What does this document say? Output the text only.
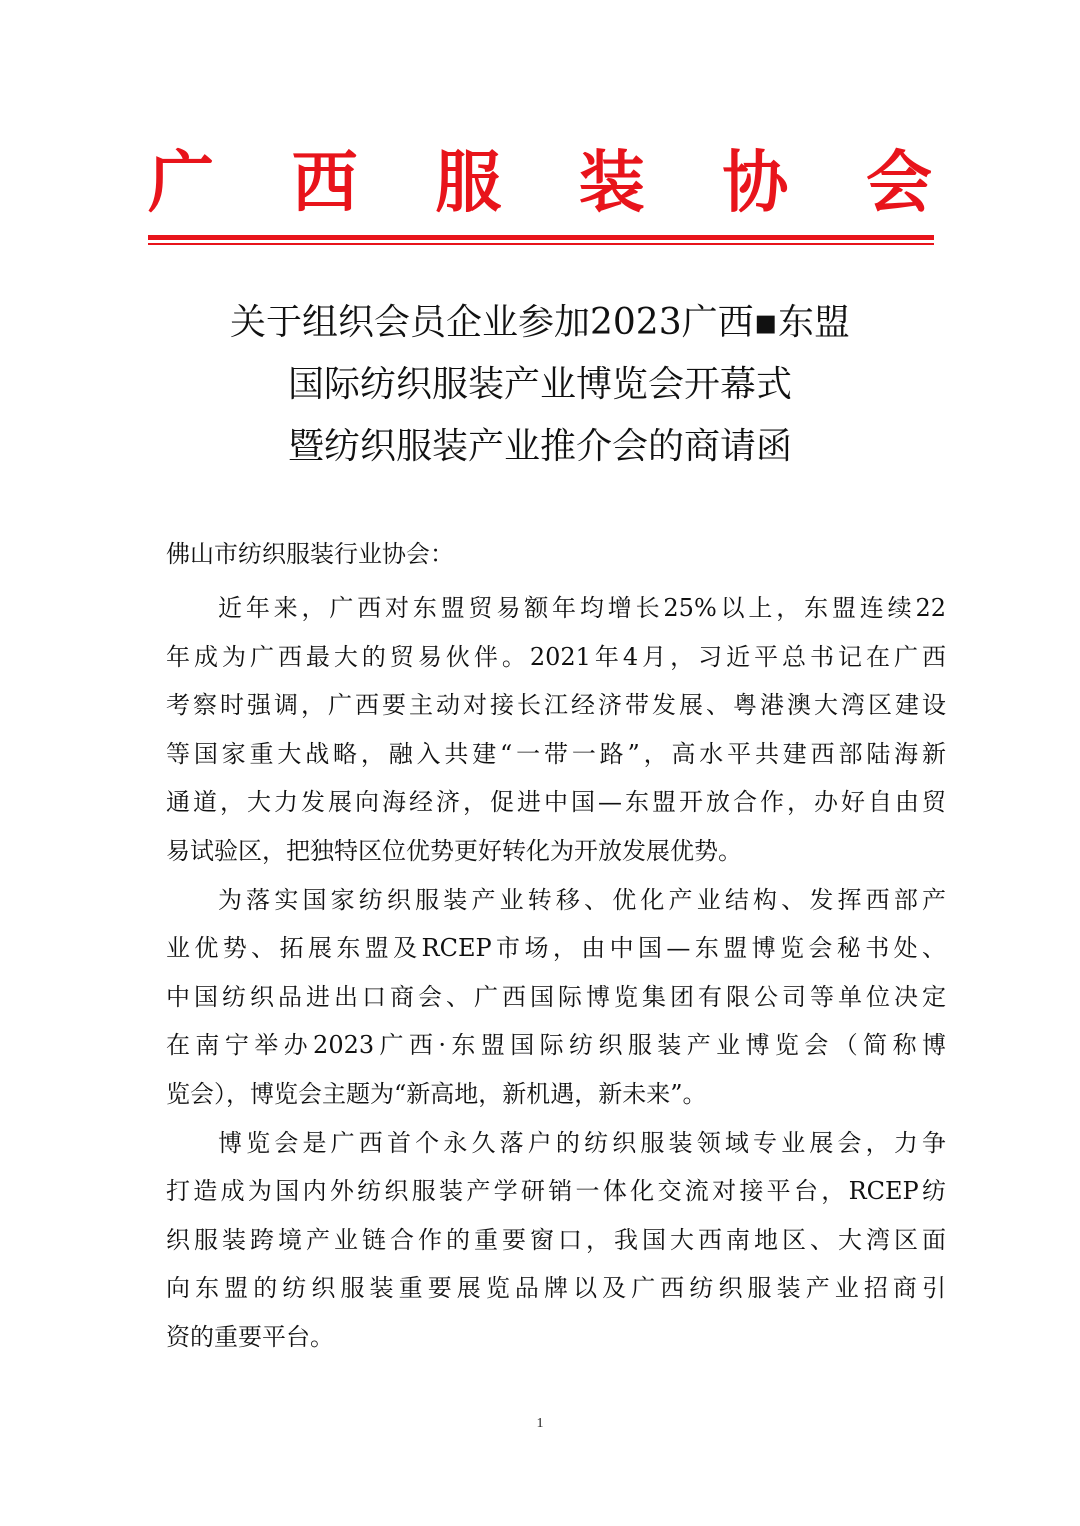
广 西 服 装 协 会
关于组织会员企业参加2023广西▪东盟
国际纺织服装产业博览会开幕式
暨纺织服装产业推介会的商请函
佛山市纺织服装行业协会：
近年来，广西对东盟贸易额年均增长25%以上，东盟连续22
年成为广西最大的贸易伙伴。2021年4月，习近平总书记在广西
考察时强调，广西要主动对接长江经济带发展、粤港澳大湾区建设
等国家重大战略，融入共建“一带一路”，高水平共建西部陆海新
通道，大力发展向海经济，促进中国—东盟开放合作，办好自由贸
易试验区，把独特区位优势更好转化为开放发展优势。
为落实国家纺织服装产业转移、优化产业结构、发挥西部产
业优势、拓展东盟及RCEP市场，由中国—东盟博览会秘书处、
中国纺织品进出口商会、广西国际博览集团有限公司等单位决定
在南宁举办2023广西·东盟国际纺织服装产业博览会（简称博
览会），博览会主题为“新高地，新机遇，新未来”。
博览会是广西首个永久落户的纺织服装领域专业展会，力争
打造成为国内外纺织服装产学研销一体化交流对接平台，RCEP纺
织服装跨境产业链合作的重要窗口，我国大西南地区、大湾区面
向东盟的纺织服装重要展览品牌以及广西纺织服装产业招商引
资的重要平台。
1
